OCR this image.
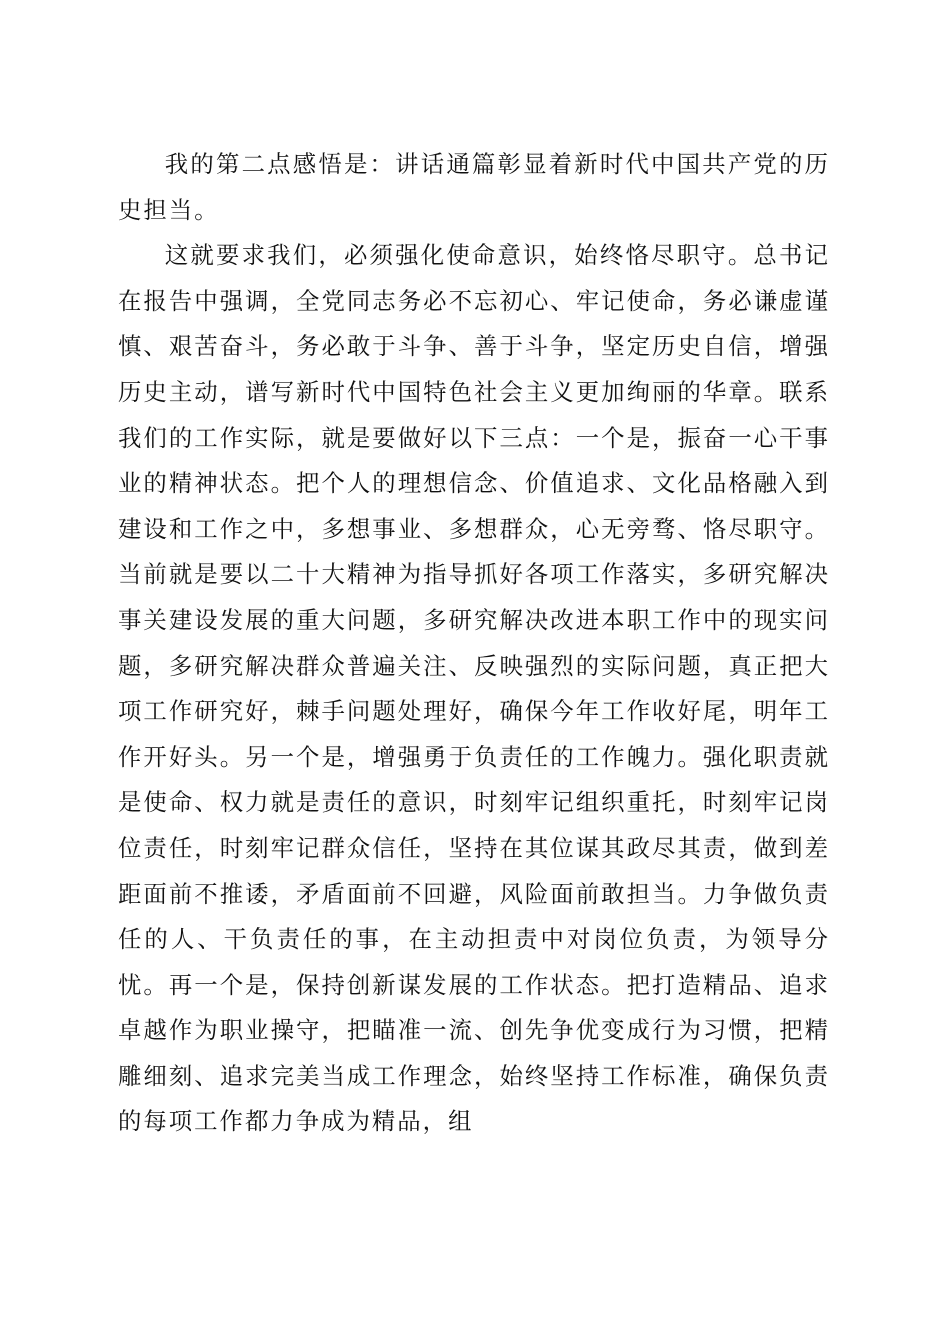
我的第二点感悟是：讲话通篇彰显着新时代中国共产党的历史担当。

这就要求我们，必须强化使命意识，始终恪尽职守。总书记在报告中强调，全党同志务必不忘初心、牢记使命，务必谦虚谨慎、艰苦奋斗，务必敢于斗争、善于斗争，坚定历史自信，增强历史主动，谱写新时代中国特色社会主义更加绚丽的华章。联系我们的工作实际，就是要做好以下三点：一个是，振奋一心干事业的精神状态。把个人的理想信念、价值追求、文化品格融入到建设和工作之中，多想事业、多想群众，心无旁骛、恪尽职守。当前就是要以二十大精神为指导抓好各项工作落实，多研究解决事关建设发展的重大问题，多研究解决改进本职工作中的现实问题，多研究解决群众普遍关注、反映强烈的实际问题，真正把大项工作研究好，棘手问题处理好，确保今年工作收好尾，明年工作开好头。另一个是，增强勇于负责任的工作魄力。强化职责就是使命、权力就是责任的意识，时刻牢记组织重托，时刻牢记岗位责任，时刻牢记群众信任，坚持在其位谋其政尽其责，做到差距面前不推诿，矛盾面前不回避，风险面前敢担当。力争做负责任的人、干负责任的事，在主动担责中对岗位负责，为领导分忧。再一个是，保持创新谋发展的工作状态。把打造精品、追求卓越作为职业操守，把瞄准一流、创先争优变成行为习惯，把精雕细刻、追求完美当成工作理念，始终坚持工作标准，确保负责的每项工作都力争成为精品，组
